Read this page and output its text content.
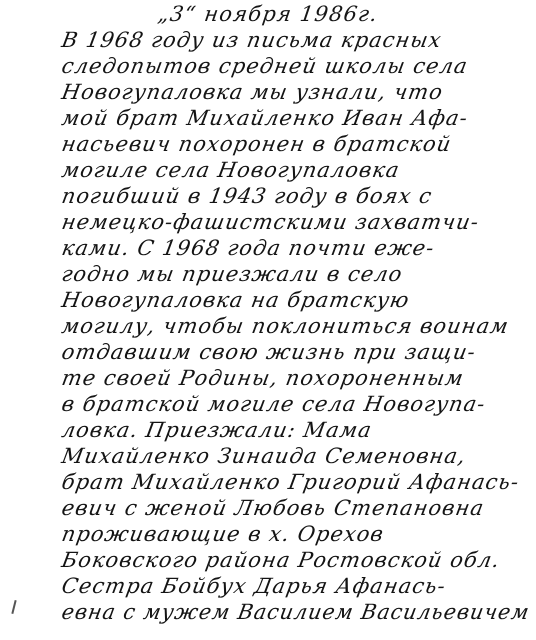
„3“ ноября 1986г.
В 1968 году из письма красных
следопытов средней школы села
Новогупаловка мы узнали, что
мой брат Михайленко Иван Афа-
насьевич похоронен в братской
могиле села Новогупаловка
погибший в 1943 году в боях с
немецко-фашистскими захватчи-
ками. С 1968 года почти еже-
годно мы приезжали в село
Новогупаловка на братскую
могилу, чтобы поклониться воинам
отдавшим свою жизнь при защи-
те своей Родины, похороненным
в братской могиле села Новогупа-
ловка. Приезжали: Мама
Михайленко Зинаида Семеновна,
брат Михайленко Григорий Афанась-
евич с женой Любовь Степановна
проживающие в х. Орехов
Боковского района Ростовской обл.
Сестра Бойбух Дарья Афанась-
евна с мужем Василием Васильевичем
